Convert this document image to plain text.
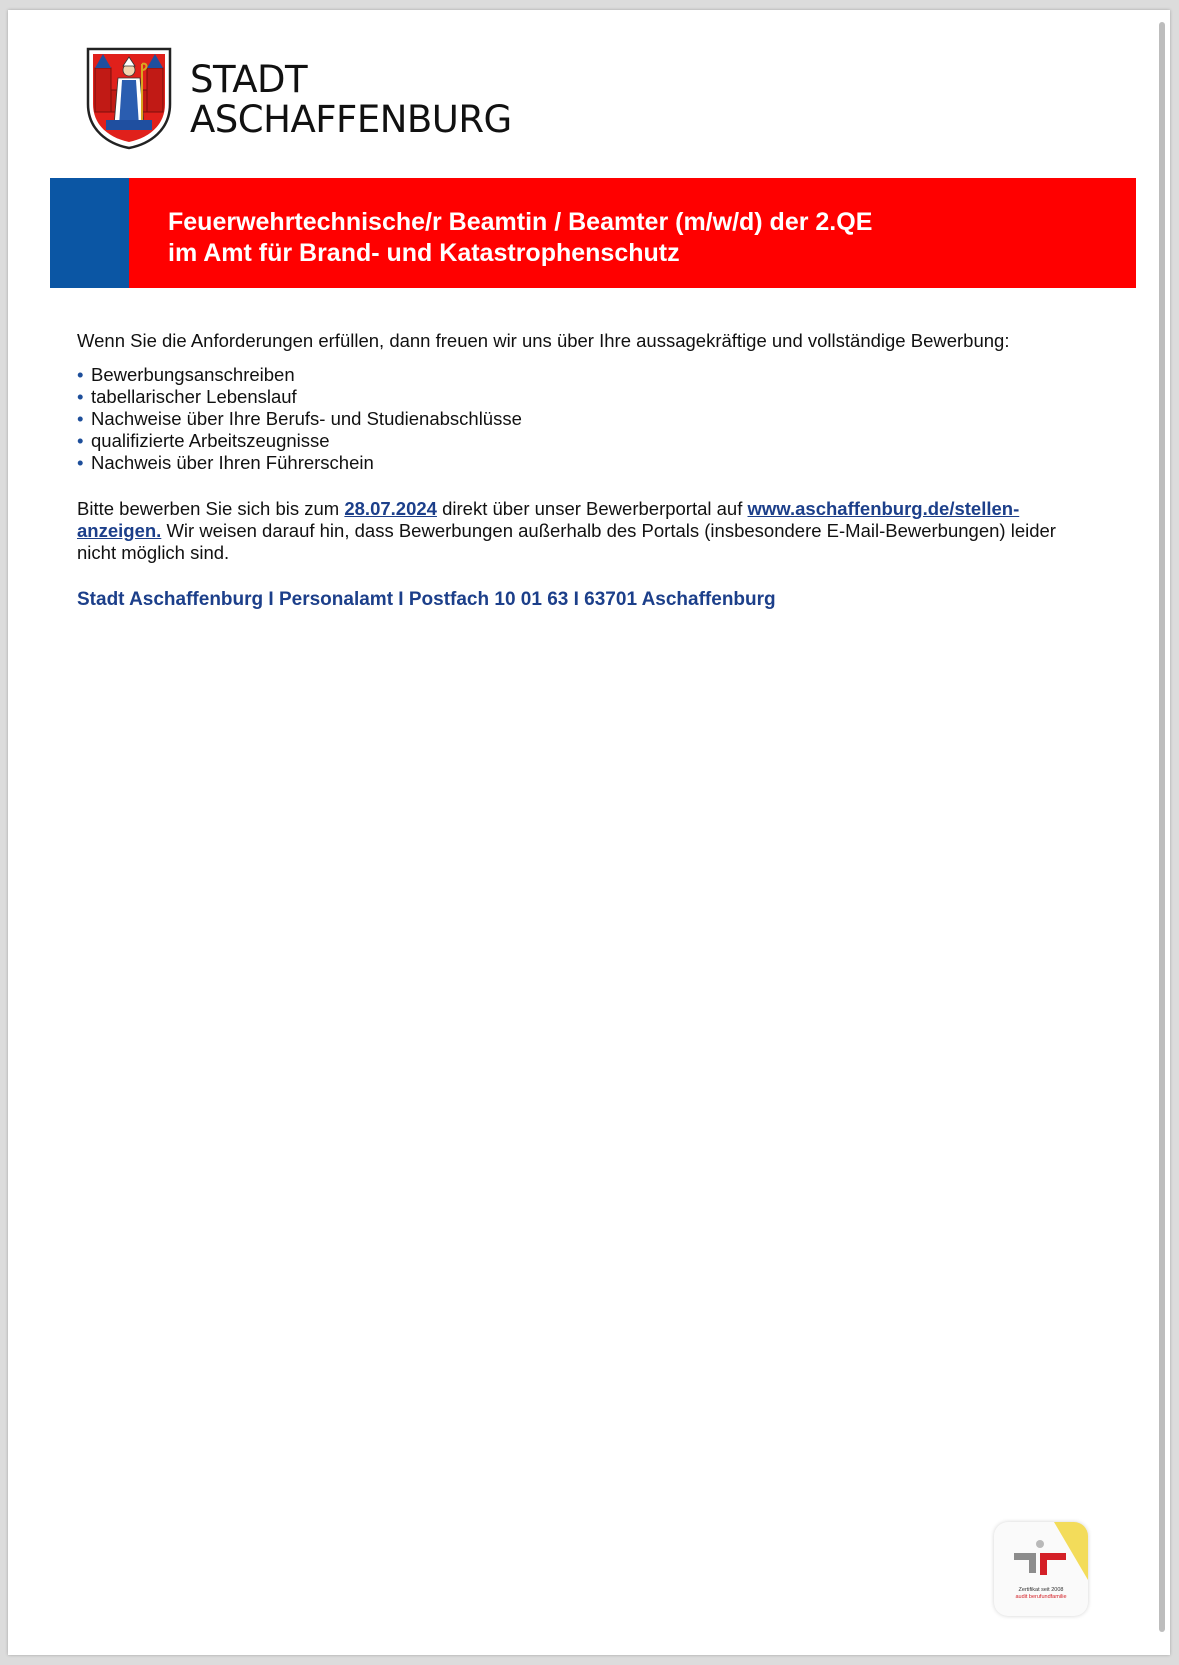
STADT
ASCHAFFENBURG
Feuerwehrtechnische/r Beamtin / Beamter (m/w/d) der 2.QE
im Amt für Brand- und Katastrophenschutz

Wenn Sie die Anforderungen erfüllen, dann freuen wir uns über Ihre aussagekräftige und vollständige Bewerbung:

• Bewerbungsanschreiben
• tabellarischer Lebenslauf
• Nachweise über Ihre Berufs- und Studienabschlüsse
• qualifizierte Arbeitszeugnisse
• Nachweis über Ihren Führerschein

Bitte bewerben Sie sich bis zum 28.07.2024 direkt über unser Bewerberportal auf www.aschaffenburg.de/stellen-anzeigen. Wir weisen darauf hin, dass Bewerbungen außerhalb des Portals (insbesondere E-Mail-Bewerbungen) leider nicht möglich sind.

Stadt Aschaffenburg I Personalamt I Postfach 10 01 63 I 63701 Aschaffenburg
Zertifikat seit 2008
audit berufundfamilie
